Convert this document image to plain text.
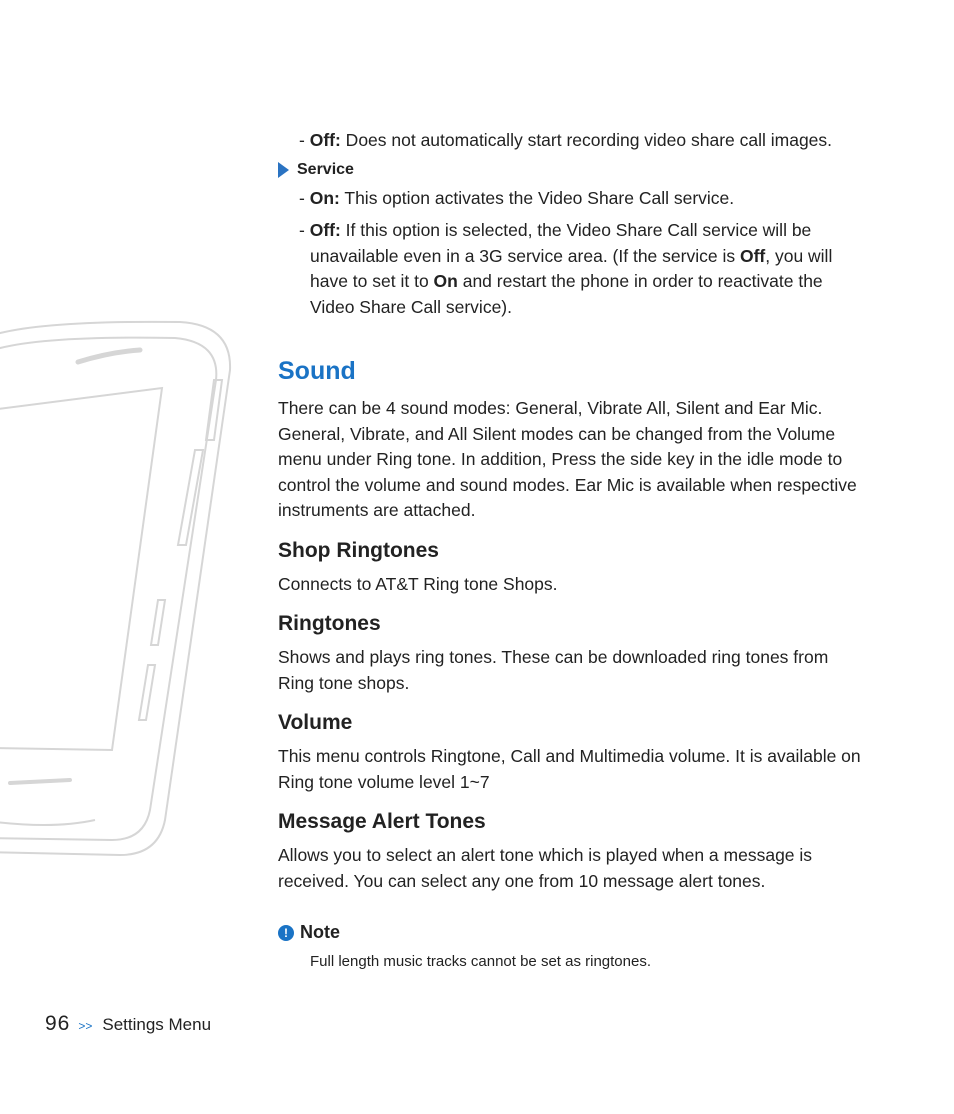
- Off: Does not automatically start recording video share call images.

Service

- On: This option activates the Video Share Call service.

- Off: If this option is selected, the Video Share Call service will be unavailable even in a 3G service area. (If the service is Off, you will have to set it to On and restart the phone in order to reactivate the Video Share Call service).

Sound

There can be 4 sound modes: General, Vibrate All, Silent and Ear Mic. General, Vibrate, and All Silent modes can be changed from the Volume menu under Ring tone. In addition, Press the side key in the idle mode to control the volume and sound modes. Ear Mic is available when respective instruments are attached.

Shop Ringtones

Connects to AT&T Ring tone Shops.

Ringtones

Shows and plays ring tones. These can be downloaded ring tones from Ring tone shops.

Volume

This menu controls Ringtone, Call and Multimedia volume. It is available on Ring tone volume level 1~7

Message Alert Tones

Allows you to select an alert tone which is played when a message is received. You can select any one from 10 message alert tones.

! Note

Full length music tracks cannot be set as ringtones.

96 >> Settings Menu
